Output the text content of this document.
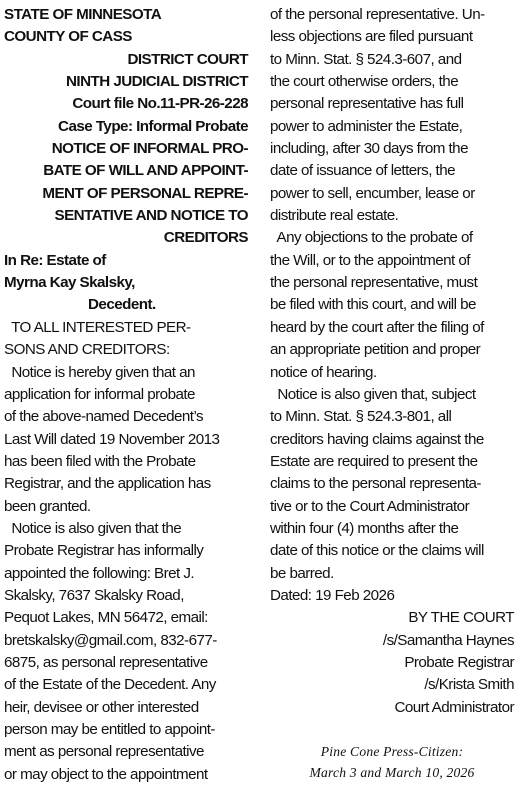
STATE OF MINNESOTA
COUNTY OF CASS
DISTRICT COURT
NINTH JUDICIAL DISTRICT
Court file No.11-PR-26-228
Case Type: Informal Probate
NOTICE OF INFORMAL PRO-
BATE OF WILL AND APPOINT-
MENT OF PERSONAL REPRE-
SENTATIVE AND NOTICE TO
CREDITORS
In Re: Estate of
Myrna Kay Skalsky,
Decedent.
TO ALL INTERESTED PER-
SONS AND CREDITORS:
Notice is hereby given that an
application for informal probate
of the above-named Decedent’s
Last Will dated 19 November 2013
has been filed with the Probate
Registrar, and the application has
been granted.
Notice is also given that the
Probate Registrar has informally
appointed the following: Bret J.
Skalsky, 7637 Skalsky Road,
Pequot Lakes, MN 56472, email:
bretskalsky@gmail.com, 832-677-
6875, as personal representative
of the Estate of the Decedent. Any
heir, devisee or other interested
person may be entitled to appoint-
ment as personal representative
or may object to the appointment
of the personal representative. Un-
less objections are filed pursuant
to Minn. Stat. § 524.3-607, and
the court otherwise orders, the
personal representative has full
power to administer the Estate,
including, after 30 days from the
date of issuance of letters, the
power to sell, encumber, lease or
distribute real estate.
Any objections to the probate of
the Will, or to the appointment of
the personal representative, must
be filed with this court, and will be
heard by the court after the filing of
an appropriate petition and proper
notice of hearing.
Notice is also given that, subject
to Minn. Stat. § 524.3-801, all
creditors having claims against the
Estate are required to present the
claims to the personal representa-
tive or to the Court Administrator
within four (4) months after the
date of this notice or the claims will
be barred.
Dated: 19 Feb 2026
BY THE COURT
/s/Samantha Haynes
Probate Registrar
/s/Krista Smith
Court Administrator
Pine Cone Press-Citizen:
March 3 and March 10, 2026
